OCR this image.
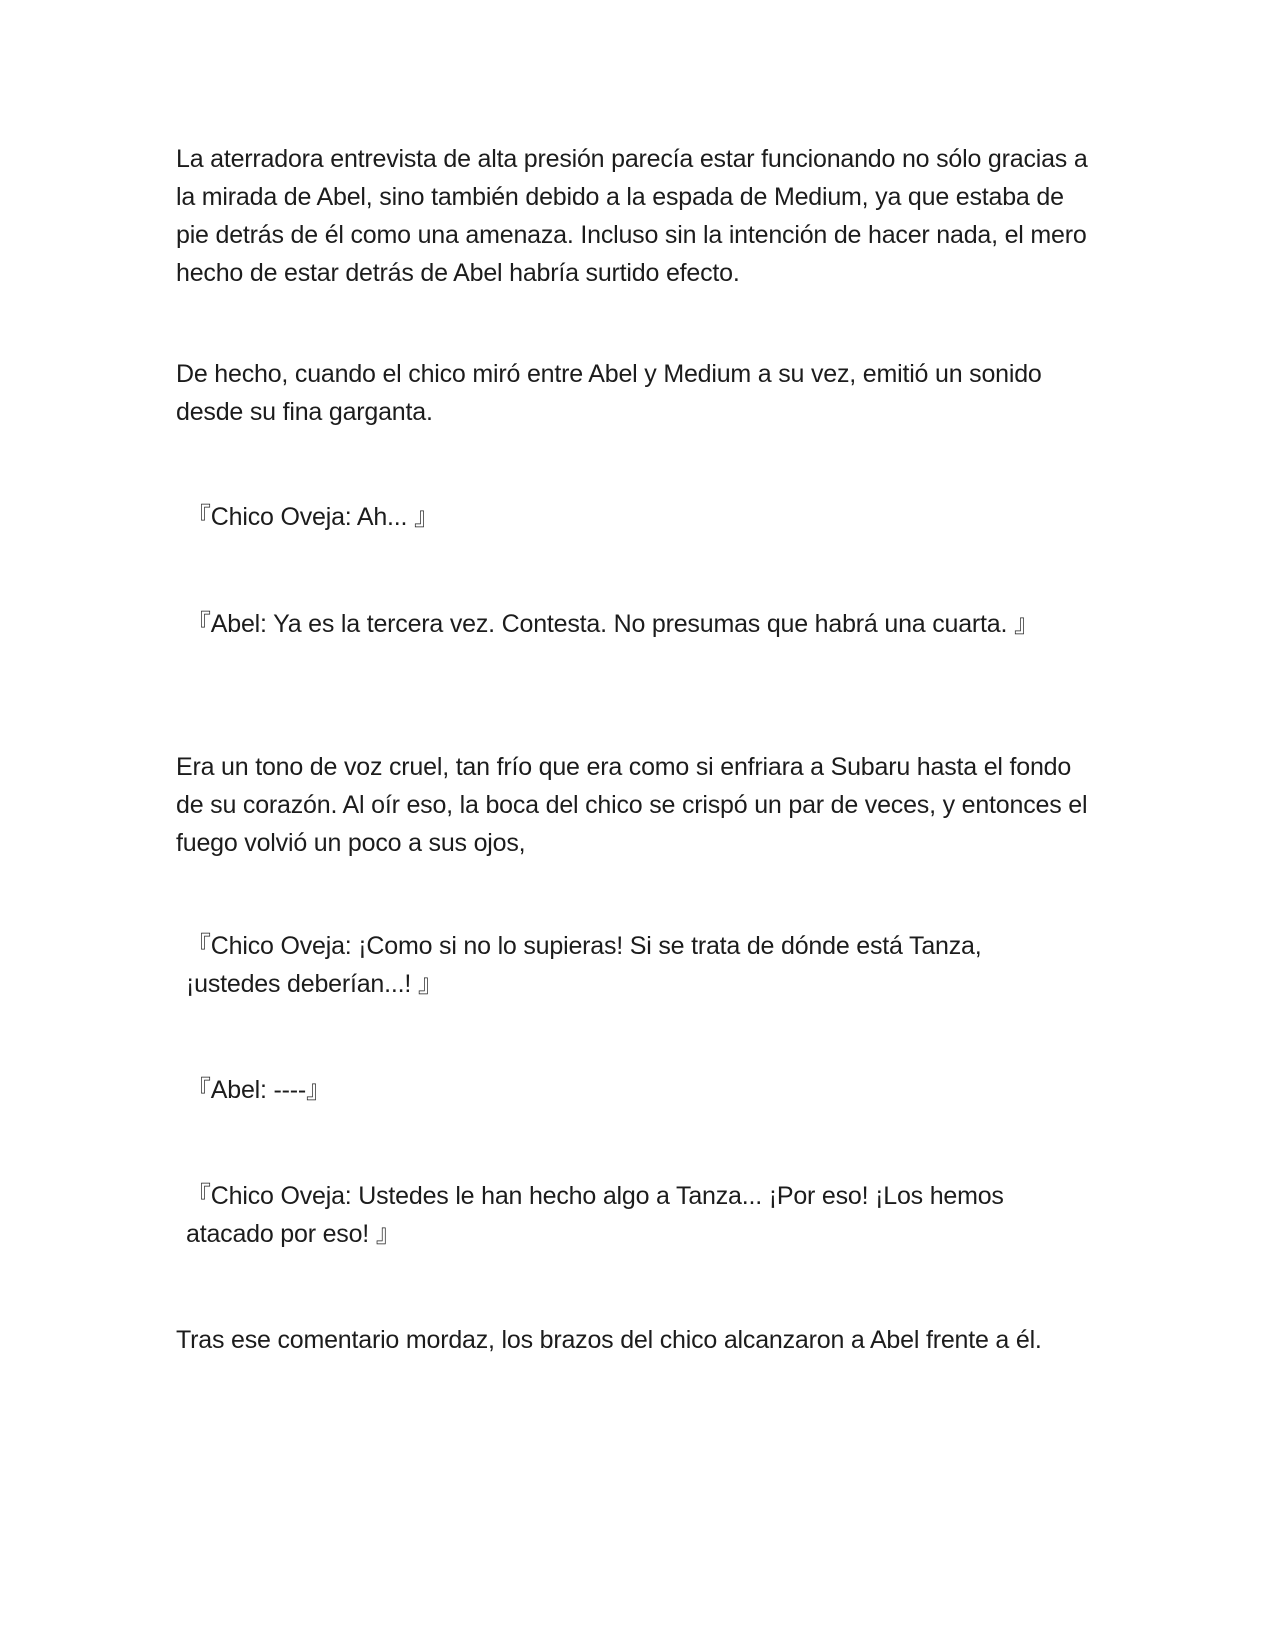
La aterradora entrevista de alta presión parecía estar funcionando no sólo gracias a la mirada de Abel, sino también debido a la espada de Medium, ya que estaba de pie detrás de él como una amenaza. Incluso sin la intención de hacer nada, el mero hecho de estar detrás de Abel habría surtido efecto.

De hecho, cuando el chico miró entre Abel y Medium a su vez, emitió un sonido desde su fina garganta.

『Chico Oveja: Ah... 』

『Abel: Ya es la tercera vez. Contesta. No presumas que habrá una cuarta. 』

Era un tono de voz cruel, tan frío que era como si enfriara a Subaru hasta el fondo de su corazón. Al oír eso, la boca del chico se crispó un par de veces, y entonces el fuego volvió un poco a sus ojos,

『Chico Oveja: ¡Como si no lo supieras! Si se trata de dónde está Tanza, ¡ustedes deberían...! 』

『Abel: ----』

『Chico Oveja: Ustedes le han hecho algo a Tanza... ¡Por eso! ¡Los hemos atacado por eso! 』

Tras ese comentario mordaz, los brazos del chico alcanzaron a Abel frente a él.
